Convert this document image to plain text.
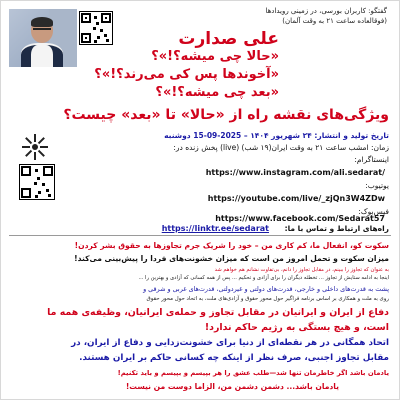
گفتگو: کاربران بورسی، در زمینی رویدادها
(فوقالعاده ساعت ۲۱ به وقت آلمان)
علی صدارت
«حالا چی میشه؟!»؟
«آخوندها پس کی می‌رند؟!»؟
«بعد چی میشه؟!»؟
ویژگی‌های نقشه راه از «حالا» تا «بعد» چیست؟
تاریخ تولید و انتشار: ۲۴ شهریور ۱۴۰۴ – 2025-09-15 دوشنبه
زمان: امشب ساعت ۲۱ به وقت ایران(۱۹ شب) (live) پخش زنده در:
اینستاگرام:
https://www.instagram.com/ali.sedarat/
یوتیوب:
https://youtube.com/live/_zjQn3W4ZDw
فیس‌بوک:
https://www.facebook.com/Sedarat57
راه‌های ارتباط و تماس با ما:
https://linktr.ee/sedarat
سکوت کو، انفعال ما، کم کاری من – خود را شریک جرم تجاوزها به حقوق بشر کردن!
میزان سکوت و تحمل امروز من است که میزان خشونت‌های فردا را پیش‌بینی می‌کند!
به عنوان که تجاوز را ببینم، در مقابل تجاوز را دانم، بی‌تفاوت نشانم هم خواهم شد
اینجا به ادامه ستایش از تجاوز ... تخطئه دیگران را برای آزادی و تحکیم ... پس از همه کسانی که آزادی و بهترین را ...
پشت به قدرت‌های داخلی و خارجی، قدرت‌های دولتی و غیردولتی، قدرت‌های غربی و شرقی و
روی به ملت و همکاری بر اساس برنامه فراگیر حول محور حقوق و آزادی‌های ملت، به اتحاد حول محور حقوق
دفاع از ایران و ایرانیان در مقابل تجاوز و حمله‌ی ایرانیان، وظیفه‌ی همه ما
است، و هیچ بستگی به رژیم حاکم ندارد!
اتحاد همگانی در هر نقطه‌ای از دنیا برای خشونت‌زدایی و دفاع از ایران، در
مقابل تجاوز اجنبی، صرف نظر از اینکه چه کسانی حاکم بر ایران هستند.
یادمان باشد اگر خاطرمان تنها شد—طلب عشق را هر بپیسم و بپیسم و باید تکنیم!
یادمان باشد... دشمن دشمن من، الزاما دوست من نیست!
